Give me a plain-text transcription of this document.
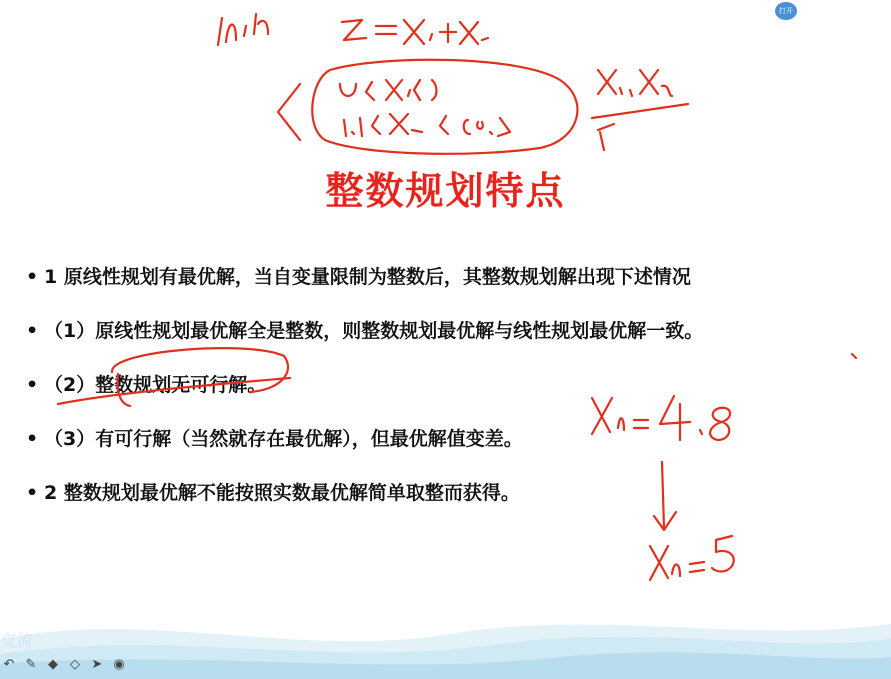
交流
打开
整数规划特点
• 1 原线性规划有最优解，当自变量限制为整数后，其整数规划解出现下述情况
• （1）原线性规划最优解全是整数，则整数规划最优解与线性规划最优解一致。
• （2）整数规划无可行解。
• （3）有可行解（当然就存在最优解），但最优解值变差。
• 2 整数规划最优解不能按照实数最优解简单取整而获得。
↶ ✎ ◆ ◇ ➤ ◉
